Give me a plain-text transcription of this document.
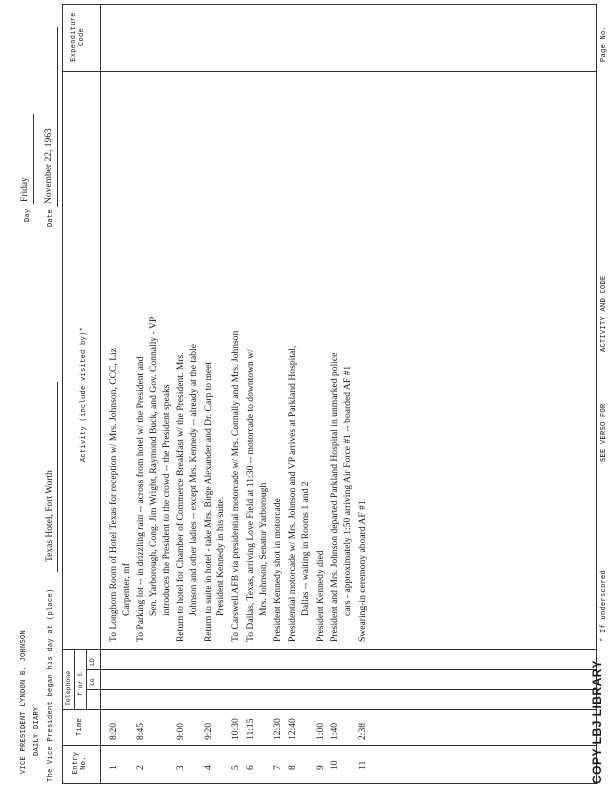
VICE PRESIDENT LYNDON B. JOHNSON DAILY DIARY The Vice President began his day at (place)
Texas Hotel, Fort Worth
Day
Friday
Date
November 22, 1963
Entry No.
Time
Telephone f or t Lo
LD
Activity (include visited by)*
Expenditure Code
1
8:20
To Longhorn Room of Hotel Texas for reception w/ Mrs. Johnson, CCC, Liz Carpenter, mf
2
8:45
To Parking lot -- in drizzling rain -- across from hotel w/ the President and Sen. Yarborough, Cong. Jim Wright, Raymond Buck, and Gov. Connally - VP introduces the President to the crowd -- the President speaks
3
9:00
Return to hotel for Chamber of Commerce Breakfast w/ the President. Mrs. Johnson and other ladies -- except Mrs. Kennedy -- already at the table
4
9:20
Return to suite in hotel - take Mrs. Birge Alexander and Dr. Carp to meet President Kennedy in his suite.
5
10:30
To Carswell AFB via presidential motorcade w/ Mrs. Connally and Mrs. Johnson
6
11:15
To Dallas, Texas, arriving Love Field at 11:30 -- motorcade to downtown w/ Mrs. Johnson, Senator Yarborough
7
12:30
President Kennedy shot in motorcade
8
12:40
Presidential motorcade w/ Mrs. Johnson and VP arrives at Parkland Hospital, Dallas -- waiting in Rooms 1 and 2
9
1:00
President Kennedy died
10
1:40
President and Mrs. Johnson departed Parkland Hospital in unmarked police cars - approximately 1:50 arriving Air Force #1 -- boarded AF #1
11
2:38
Swearing-in ceremony aboard AF #1	* If underscored
SEE VERSO FOR
ACTIVITY AND CODE
Page No.
COPY LBJ LIBRARY
